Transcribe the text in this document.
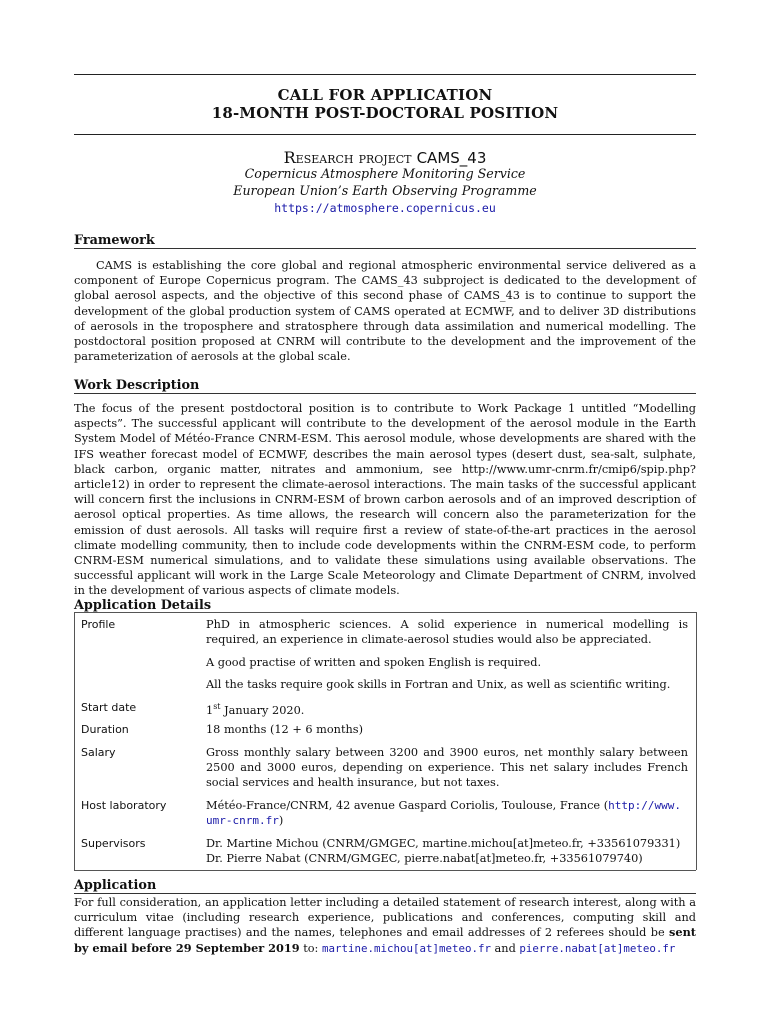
CALL FOR APPLICATION
18-MONTH POST-DOCTORAL POSITION
Research project CAMS_43
Copernicus Atmosphere Monitoring Service
European Union’s Earth Observing Programme
https://atmosphere.copernicus.eu
Framework
CAMS is establishing the core global and regional atmospheric environmental service delivered as a component of Europe Copernicus program. The CAMS_43 subproject is dedicated to the development of global aerosol aspects, and the objective of this second phase of CAMS_43 is to continue to support the development of the global production system of CAMS operated at ECMWF, and to deliver 3D distributions of aerosols in the troposphere and stratosphere through data assimilation and numerical modelling. The postdoctoral position proposed at CNRM will contribute to the development and the improvement of the parameterization of aerosols at the global scale.
Work Description
The focus of the present postdoctoral position is to contribute to Work Package 1 untitled “Modelling aspects”. The successful applicant will contribute to the development of the aerosol module in the Earth System Model of Météo-France CNRM-ESM. This aerosol module, whose developments are shared with the IFS weather forecast model of ECMWF, describes the main aerosol types (desert dust, sea-salt, sulphate, black carbon, organic matter, nitrates and ammonium, see http://www.umr-cnrm.fr/cmip6/spip.php?article12) in order to represent the climate-aerosol interactions. The main tasks of the successful applicant will concern first the inclusions in CNRM-ESM of brown carbon aerosols and of an improved description of aerosol optical properties. As time allows, the research will concern also the parameterization for the emission of dust aerosols. All tasks will require first a review of state-of-the-art practices in the aerosol climate modelling community, then to include code developments within the CNRM-ESM code, to perform CNRM-ESM numerical simulations, and to validate these simulations using available observations. The successful applicant will work in the Large Scale Meteorology and Climate Department of CNRM, involved in the development of various aspects of climate models.
Application Details
Profile	PhD in atmospheric sciences. A solid experience in numerical modelling is required, an experience in climate-aerosol studies would also be appreciated.
A good practise of written and spoken English is required.
All the tasks require gook skills in Fortran and Unix, as well as scientific writing.
Start date	1st January 2020.
Duration	18 months (12 + 6 months)
Salary	Gross monthly salary between 3200 and 3900 euros, net monthly salary between 2500 and 3000 euros, depending on experience. This net salary includes French social services and health insurance, but not taxes.
Host laboratory	Météo-France/CNRM, 42 avenue Gaspard Coriolis, Toulouse, France (http://www.
umr-cnrm.fr)
Supervisors	Dr. Martine Michou (CNRM/GMGEC, martine.michou[at]meteo.fr, +33561079331)
Dr. Pierre Nabat (CNRM/GMGEC, pierre.nabat[at]meteo.fr, +33561079740)
Application
For full consideration, an application letter including a detailed statement of research interest, along with a curriculum vitae (including research experience, publications and conferences, computing skill and different language practises) and the names, telephones and email addresses of 2 referees should be sent by email before 29 September 2019 to: martine.michou[at]meteo.fr and pierre.nabat[at]meteo.fr
